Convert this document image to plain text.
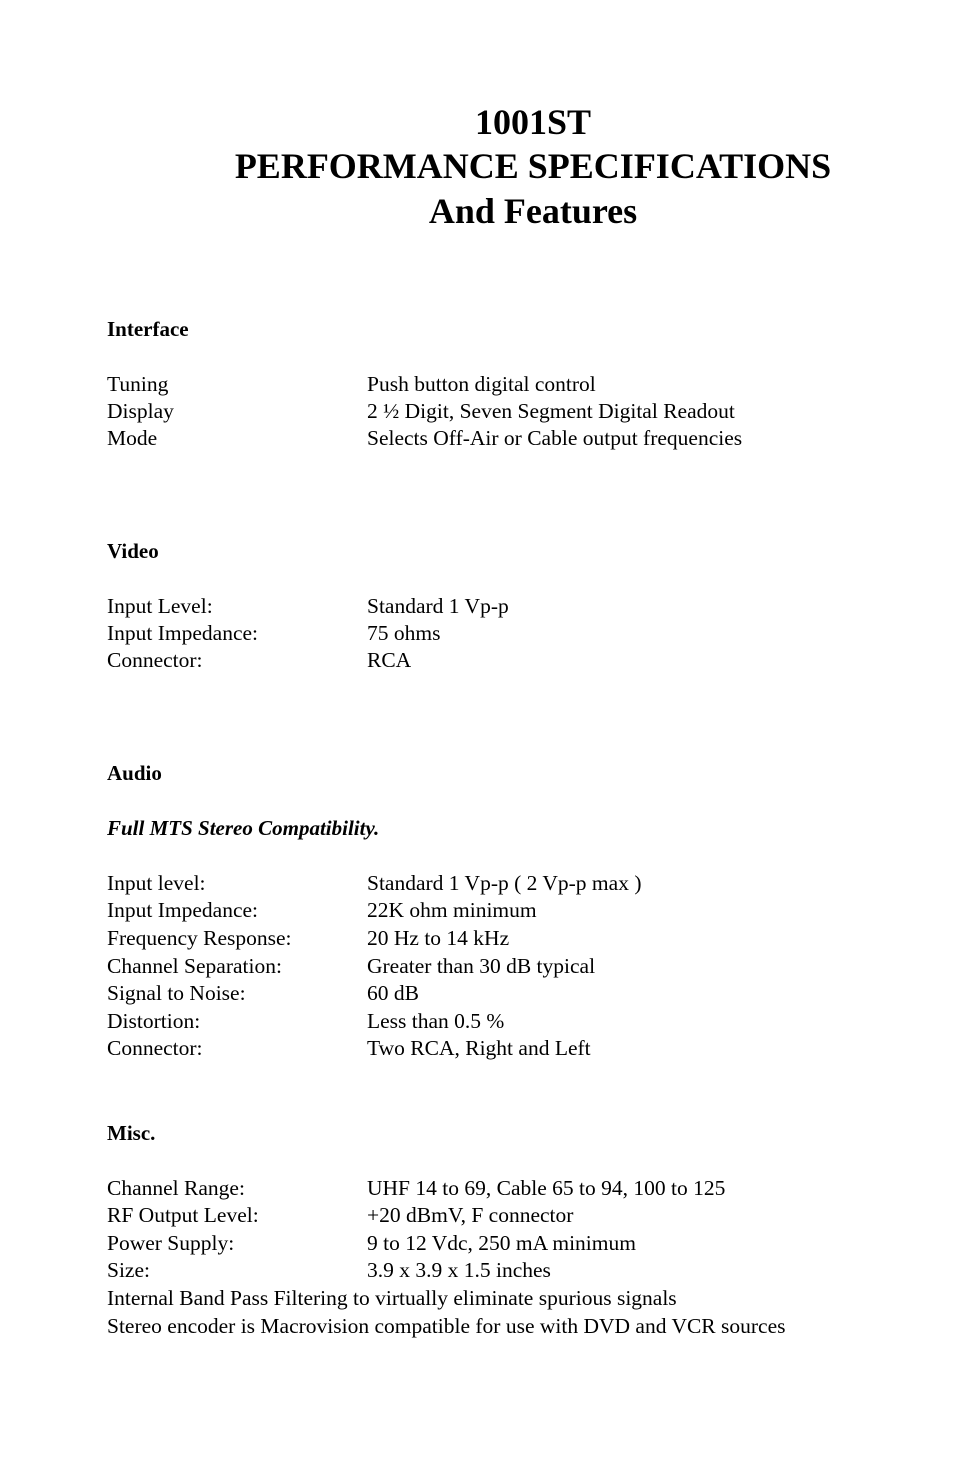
1001ST
PERFORMANCE SPECIFICATIONS
And Features
Interface
Tuning	Push button digital control
Display	2 ½ Digit, Seven Segment Digital Readout
Mode	Selects Off-Air or Cable output frequencies
Video
Input Level:	Standard 1 Vp-p
Input Impedance:	75 ohms
Connector:	RCA
Audio
Full MTS Stereo Compatibility.
Input level:	Standard 1 Vp-p ( 2 Vp-p max )
Input Impedance:	22K ohm minimum
Frequency Response:	20 Hz to 14 kHz
Channel Separation:	Greater than 30 dB typical
Signal to Noise:	60 dB
Distortion:	Less than 0.5 %
Connector:	Two RCA, Right and Left
Misc.
Channel Range:	UHF 14 to 69, Cable 65 to 94, 100 to 125
RF Output Level:	+20 dBmV, F connector
Power Supply:	9 to 12 Vdc, 250 mA minimum
Size:	3.9 x 3.9 x 1.5 inches
Internal Band Pass Filtering to virtually eliminate spurious signals
Stereo encoder is Macrovision compatible for use with DVD and VCR sources
